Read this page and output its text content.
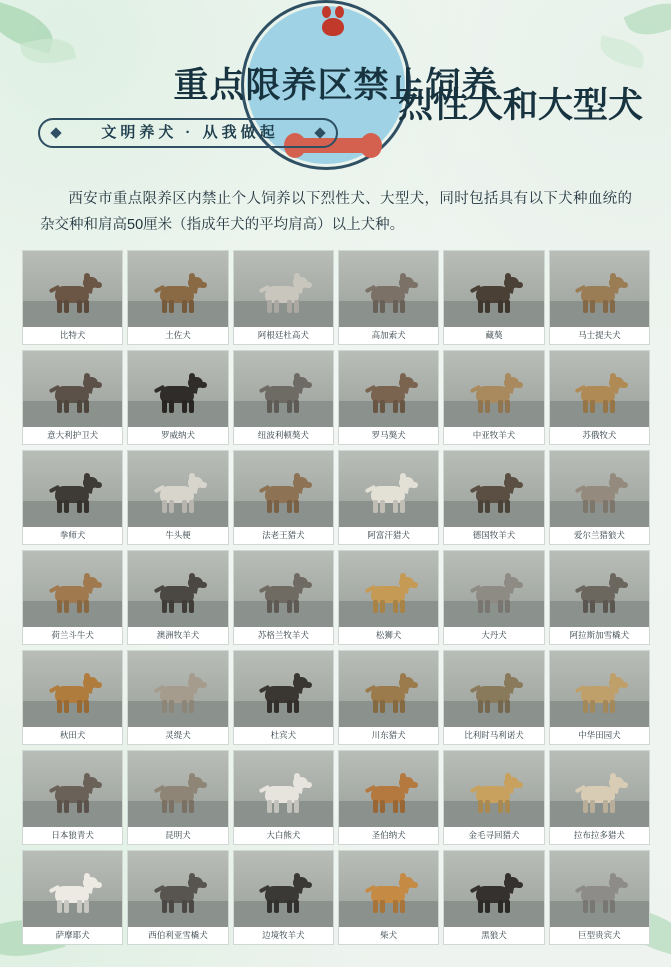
重点限养区禁止饲养
烈性犬和大型犬
文明养犬 · 从我做起
西安市重点限养区内禁止个人饲养以下烈性犬、大型犬，同时包括具有以下犬种血统的杂交种和肩高50厘米（指成年犬的平均肩高）以上犬种。
比特犬	土佐犬	阿根廷杜高犬	高加索犬	藏獒	马士提夫犬
意大利护卫犬	罗威纳犬	纽波利顿獒犬	罗马獒犬	中亚牧羊犬	苏俄牧犬
拳师犬	牛头梗	法老王猎犬	阿富汗猎犬	德国牧羊犬	爱尔兰猎狼犬
荷兰斗牛犬	澳洲牧羊犬	苏格兰牧羊犬	松狮犬	大丹犬	阿拉斯加雪橇犬
秋田犬	灵缇犬	杜宾犬	川东猎犬	比利时马利诺犬	中华田园犬
日本狼青犬	昆明犬	大白熊犬	圣伯纳犬	金毛寻回猎犬	拉布拉多猎犬
萨摩耶犬	西伯利亚雪橇犬	边境牧羊犬	柴犬	黑狼犬	巨型贵宾犬
